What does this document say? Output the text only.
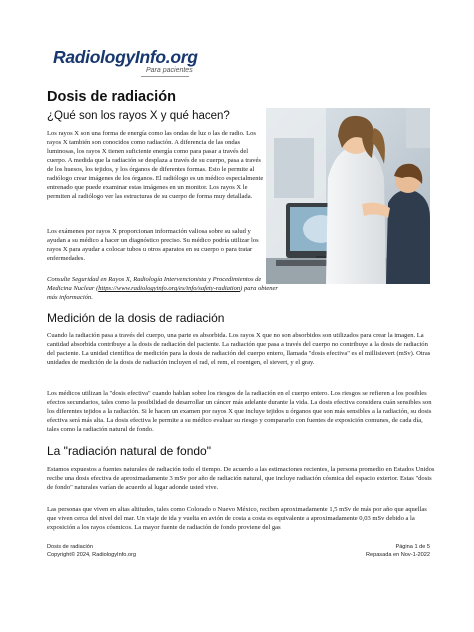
RadiologyInfo.org
Para pacientes
Dosis de radiación
¿Qué son los rayos X y qué hacen?

Los rayos X son una forma de energía como las ondas de luz o las de radio. Los rayos X también son conocidos como radiación. A diferencia de las ondas luminosas, los rayos X tienen suficiente energía como para pasar a través del cuerpo. A medida que la radiación se desplaza a través de su cuerpo, pasa a través de los huesos, los tejidos, y los órganos de diferentes formas. Esto le permite al radiólogo crear imágenes de los órganos. El radiólogo es un médico especialmente entrenado que puede examinar estas imágenes en un monitor. Los rayos X le permiten al radiólogo ver las estructuras de su cuerpo de forma muy detallada.

Los exámenes por rayos X proporcionan información valiosa sobre su salud y ayudan a su médico a hacer un diagnóstico preciso. Su médico podría utilizar los rayos X para ayudar a colocar tubos u otros aparatos en su cuerpo o para tratar enfermedades.

Consulte Seguridad en Rayos X, Radiología Intervencionista y Procedimientos de Medicina Nuclear (https://www.radiologyinfo.org/es/info/safety-radiation) para obtener más información.

Medición de la dosis de radiación

Cuando la radiación pasa a través del cuerpo, una parte es absorbida. Los rayos X que no son absorbidos son utilizados para crear la imagen. La cantidad absorbida contribuye a la dosis de radiación del paciente. La radiación que pasa a través del cuerpo no contribuye a la dosis de radiación del paciente. La unidad científica de medición para la dosis de radiación del cuerpo entero, llamada "dosis efectiva" es el millisievert (mSv). Otras unidades de medición de la dosis de radiación incluyen el rad, el rem, el roentgen, el sievert, y el gray.

Los médicos utilizan la "dosis efectiva" cuando hablan sobre los riesgos de la radiación en el cuerpo entero. Los riesgos se refieren a los posibles efectos secundarios, tales como la posibilidad de desarrollar un cáncer más adelante durante la vida. La dosis efectiva considera cuán sensibles son los diferentes tejidos a la radiación. Si le hacen un examen por rayos X que incluye tejidos u órganos que son más sensibles a la radiación, su dosis efectiva será más alta. La dosis efectiva le permite a su médico evaluar su riesgo y compararlo con fuentes de exposición comunes, de cada día, tales como la radiación natural de fondo.

La "radiación natural de fondo"

Estamos expuestos a fuentes naturales de radiación todo el tiempo. De acuerdo a las estimaciones recientes, la persona promedio en Estados Unidos recibe una dosis efectiva de aproximadamente 3 mSv por año de radiación natural, que incluye radiación cósmica del espacio exterior. Estas "dosis de fondo" naturales varían de acuerdo al lugar adonde usted vive.

Las personas que viven en altas altitudes, tales como Colorado o Nuevo México, reciben aproximadamente 1,5 mSv de más por año que aquellas que viven cerca del nivel del mar. Un viaje de ida y vuelta en avión de costa a costa es equivalente a aproximadamente 0,03 mSv debido a la exposición a los rayos cósmicos. La mayor fuente de radiación de fondo proviene del gas

Dosis de radiación
Copyright© 2024, RadiologyInfo.org
Página 1 de 5
Repasada en Nov-1-2022
